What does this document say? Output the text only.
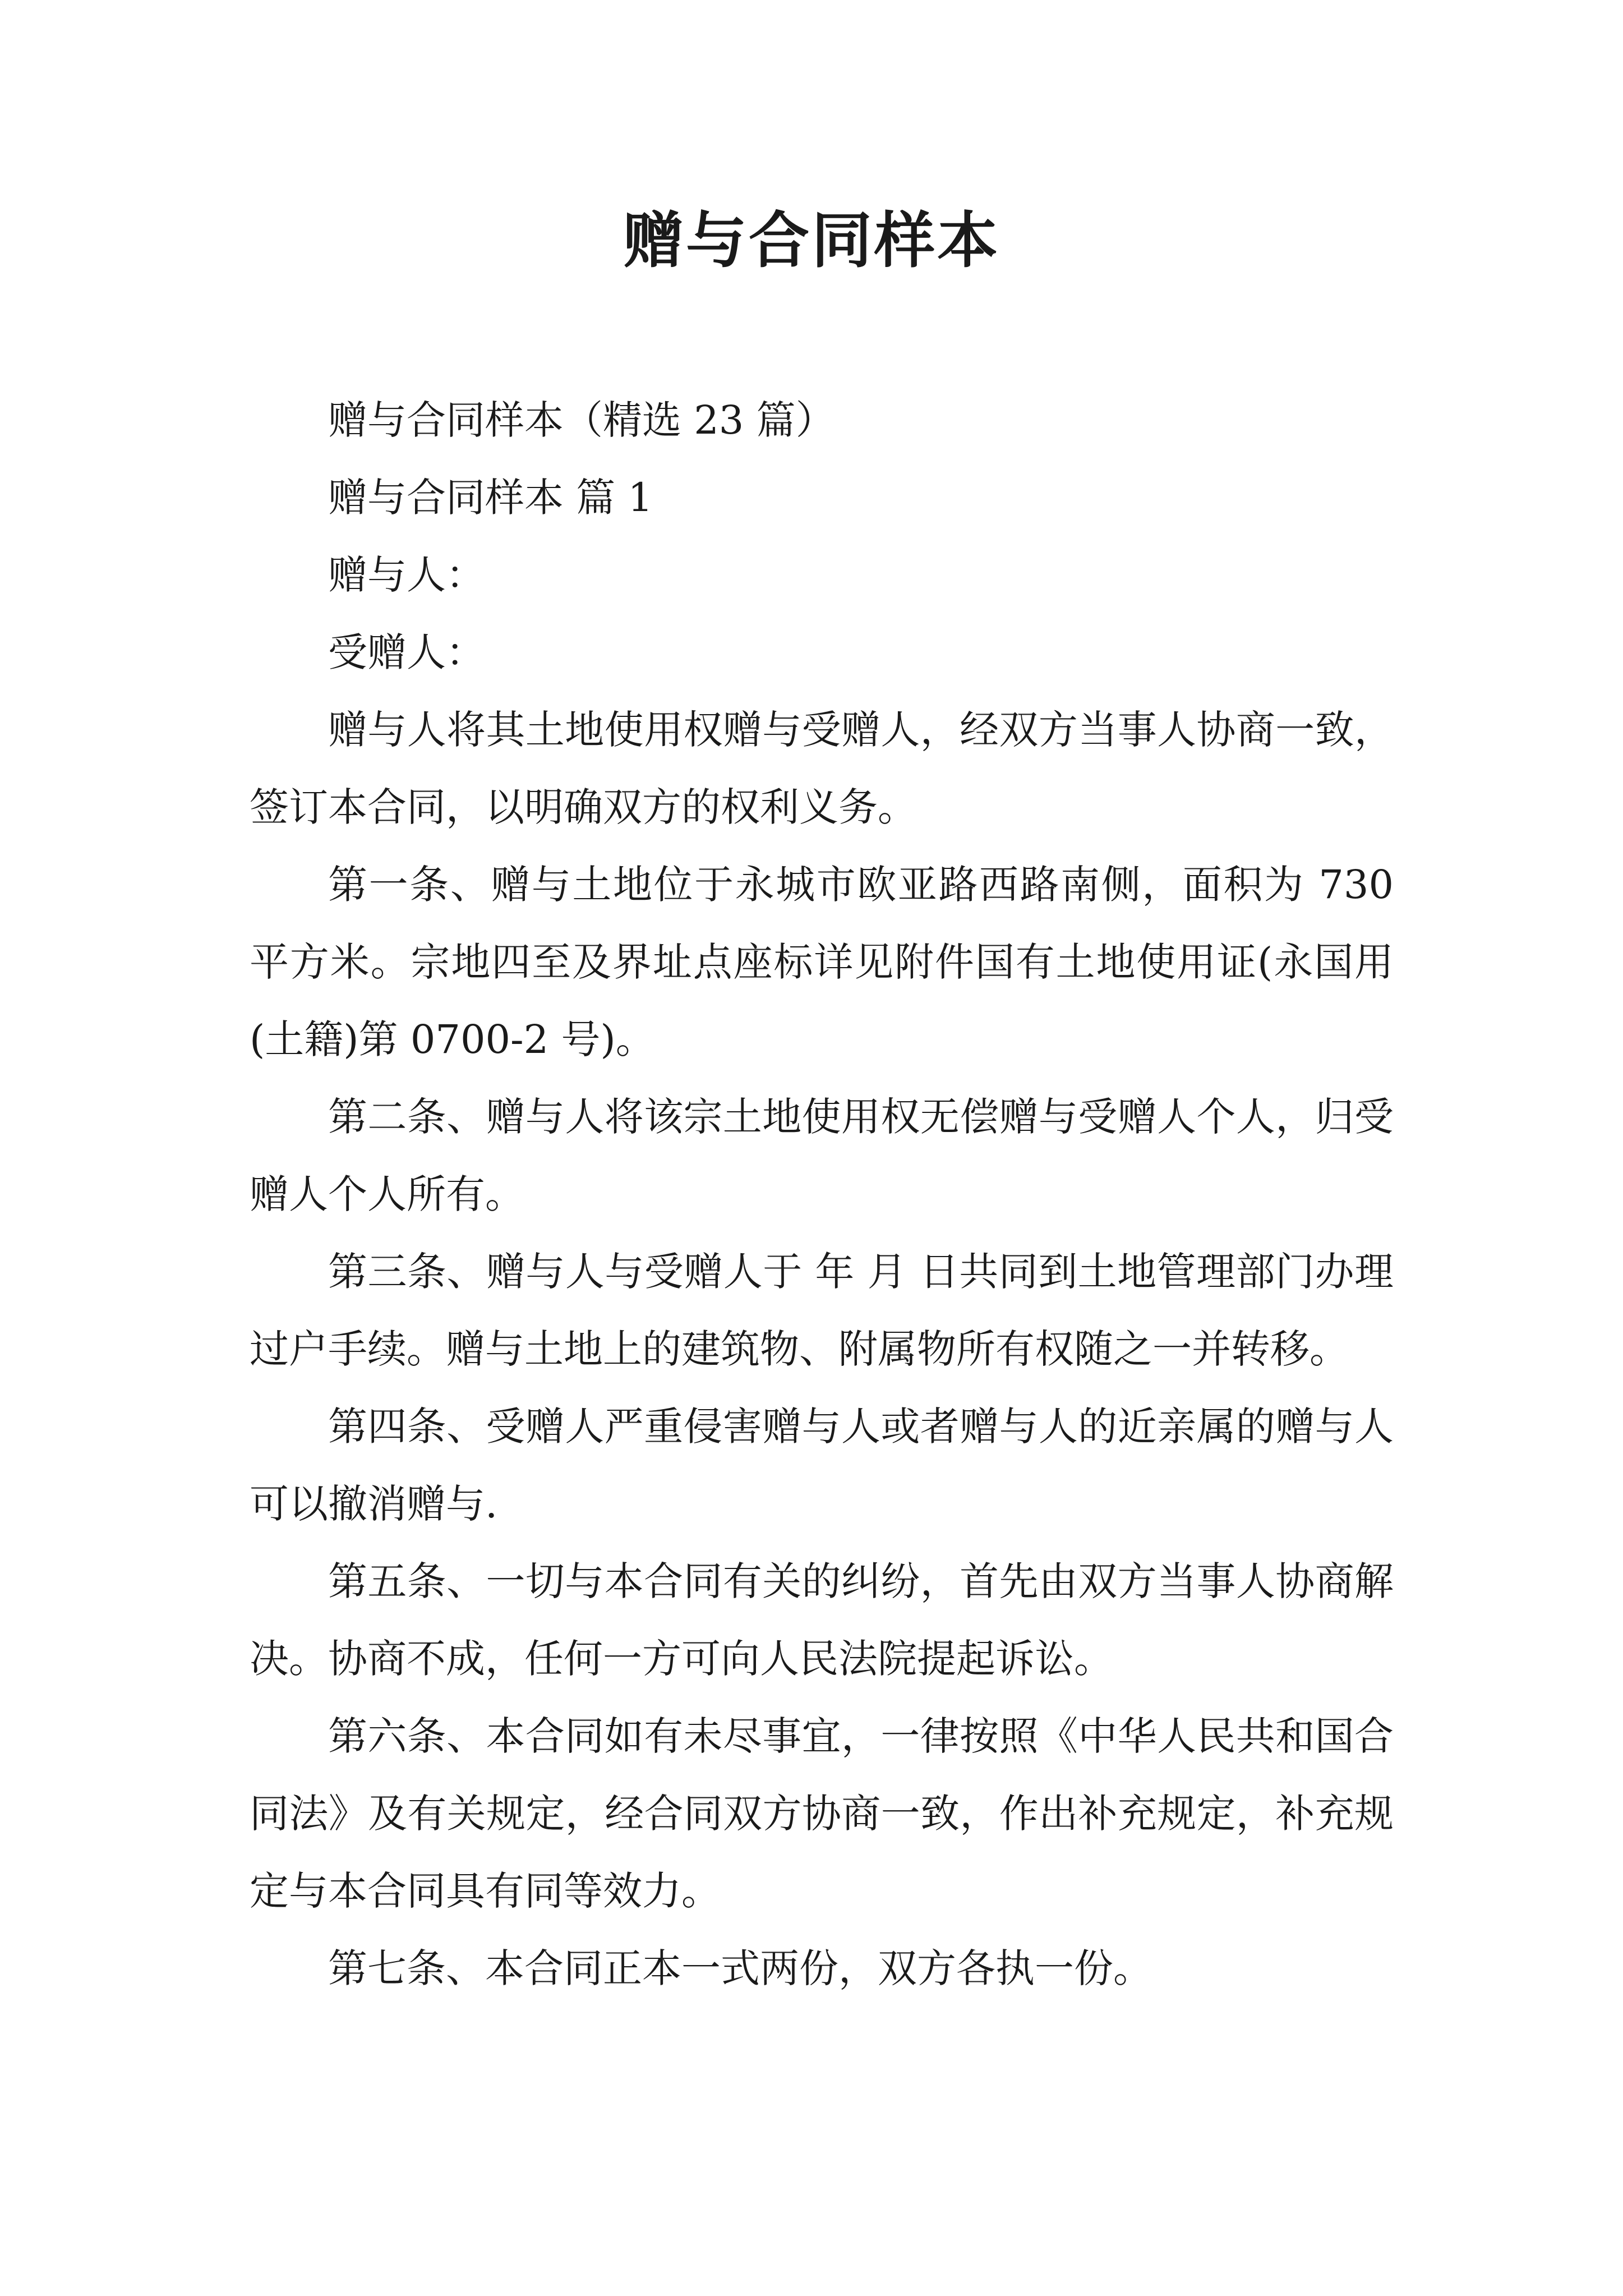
赠与合同样本

赠与合同样本（精选 23 篇）

赠与合同样本 篇 1

赠与人：

受赠人：

赠与人将其土地使用权赠与受赠人，经双方当事人协商一致，签订本合同，以明确双方的权利义务。

第一条、赠与土地位于永城市欧亚路西路南侧，面积为 730 平方米。宗地四至及界址点座标详见附件国有土地使用证(永国用(土籍)第 0700-2 号)。

第二条、赠与人将该宗土地使用权无偿赠与受赠人个人，归受赠人个人所有。

第三条、赠与人与受赠人于 年 月 日共同到土地管理部门办理过户手续。赠与土地上的建筑物、附属物所有权随之一并转移。

第四条、受赠人严重侵害赠与人或者赠与人的近亲属的赠与人可以撤消赠与.

第五条、一切与本合同有关的纠纷，首先由双方当事人协商解决。协商不成，任何一方可向人民法院提起诉讼。

第六条、本合同如有未尽事宜，一律按照《中华人民共和国合同法》及有关规定，经合同双方协商一致，作出补充规定，补充规定与本合同具有同等效力。

第七条、本合同正本一式两份，双方各执一份。
